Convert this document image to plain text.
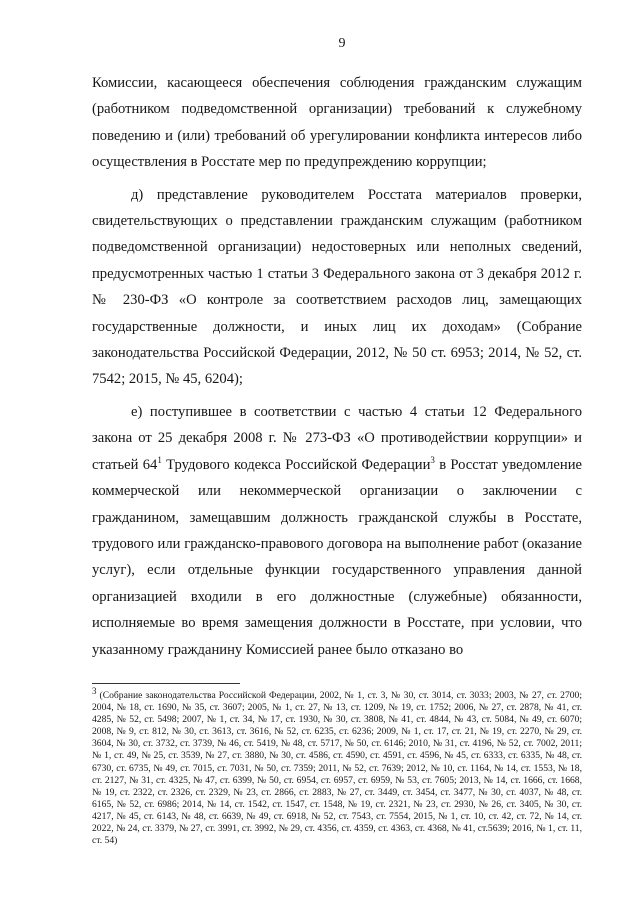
9

Комиссии, касающееся обеспечения соблюдения гражданским служащим (работником подведомственной организации) требований к служебному поведению и (или) требований об урегулировании конфликта интересов либо осуществления в Росстате мер по предупреждению коррупции;

д) представление руководителем Росстата материалов проверки, свидетельствующих о представлении гражданским служащим (работником подведомственной организации) недостоверных или неполных сведений, предусмотренных частью 1 статьи 3 Федерального закона от 3 декабря 2012 г. № 230-ФЗ «О контроле за соответствием расходов лиц, замещающих государственные должности, и иных лиц их доходам» (Собрание законодательства Российской Федерации, 2012, № 50 ст. 6953; 2014, № 52, ст. 7542; 2015, № 45, 6204);

е) поступившее в соответствии с частью 4 статьи 12 Федерального закона от 25 декабря 2008 г. № 273-ФЗ «О противодействии коррупции» и статьей $64^1$ Трудового кодекса Российской Федерации$^3$ в Росстат уведомление коммерческой или некоммерческой организации о заключении с гражданином, замещавшим должность гражданской службы в Росстате, трудового или гражданско-правового договора на выполнение работ (оказание услуг), если отдельные функции государственного управления данной организацией входили в его должностные (служебные) обязанности, исполняемые во время замещения должности в Росстате, при условии, что указанному гражданину Комиссией ранее было отказано во

$^3$ (Собрание законодательства Российской Федерации, 2002, № 1, ст. 3, № 30, ст. 3014, ст. 3033; 2003, № 27, ст. 2700; 2004, № 18, ст. 1690, № 35, ст. 3607; 2005, № 1, ст. 27, № 13, ст. 1209, № 19, ст. 1752; 2006, № 27, ст. 2878, № 41, ст. 4285, № 52, ст. 5498; 2007, № 1, ст. 34, № 17, ст. 1930, № 30, ст. 3808, № 41, ст. 4844, № 43, ст. 5084, № 49, ст. 6070; 2008, № 9, ст. 812, № 30, ст. 3613, ст. 3616, № 52, ст. 6235, ст. 6236; 2009, № 1, ст. 17, ст. 21, № 19, ст. 2270, № 29, ст. 3604, № 30, ст. 3732, ст. 3739, № 46, ст. 5419, № 48, ст. 5717, № 50, ст. 6146; 2010, № 31, ст. 4196, № 52, ст. 7002, 2011; № 1, ст. 49, № 25, ст. 3539, № 27, ст. 3880, № 30, ст. 4586, ст. 4590, ст. 4591, ст. 4596, № 45, ст. 6333, ст. 6335, № 48, ст. 6730, ст. 6735, № 49, ст. 7015, ст. 7031, № 50, ст. 7359; 2011, № 52, ст. 7639; 2012, № 10, ст. 1164, № 14, ст. 1553, № 18, ст. 2127, № 31, ст. 4325, № 47, ст. 6399, № 50, ст. 6954, ст. 6957, ст. 6959, № 53, ст. 7605; 2013, № 14, ст. 1666, ст. 1668, № 19, ст. 2322, ст. 2326, ст. 2329, № 23, ст. 2866, ст. 2883, № 27, ст. 3449, ст. 3454, ст. 3477, № 30, ст. 4037, № 48, ст. 6165, № 52, ст. 6986; 2014, № 14, ст. 1542, ст. 1547, ст. 1548, № 19, ст. 2321, № 23, ст. 2930, № 26, ст. 3405, № 30, ст. 4217, № 45, ст. 6143, № 48, ст. 6639, № 49, ст. 6918, № 52, ст. 7543, ст. 7554, 2015, № 1, ст. 10, ст. 42, ст. 72, № 14, ст. 2022, № 24, ст. 3379, № 27, ст. 3991, ст. 3992, № 29, ст. 4356, ст. 4359, ст. 4363, ст. 4368, № 41, ст.5639; 2016, № 1, ст. 11, ст. 54)
